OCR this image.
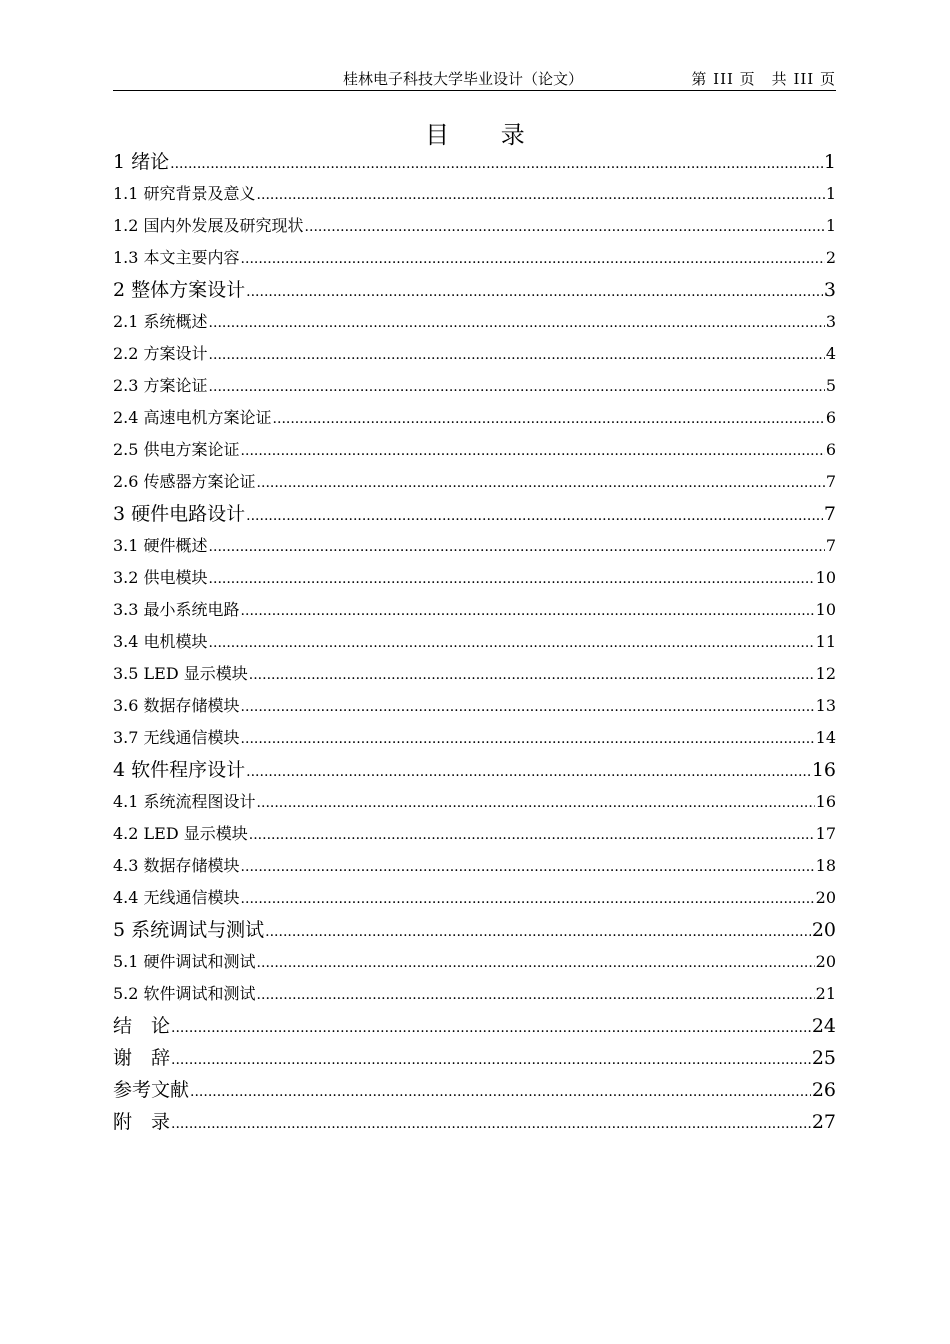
桂林电子科技大学毕业设计（论文）	第 III 页　共 III 页
目 录
1 绪论 .....	1
1.1 研究背景及意义 .....	1
1.2 国内外发展及研究现状 .....	1
1.3 本文主要内容 .....	2
2 整体方案设计 .....	3
2.1 系统概述 .....	3
2.2 方案设计 .....	4
2.3 方案论证 .....	5
2.4 高速电机方案论证 .....	6
2.5 供电方案论证 .....	6
2.6 传感器方案论证 .....	7
3 硬件电路设计 .....	7
3.1 硬件概述 .....	7
3.2 供电模块 .....	10
3.3 最小系统电路 .....	10
3.4 电机模块 .....	11
3.5 LED 显示模块 .....	12
3.6 数据存储模块 .....	13
3.7 无线通信模块 .....	14
4 软件程序设计 .....	16
4.1 系统流程图设计 .....	16
4.2 LED 显示模块 .....	17
4.3 数据存储模块 .....	18
4.4 无线通信模块 .....	20
5 系统调试与测试 .....	20
5.1 硬件调试和测试 .....	20
5.2 软件调试和测试 .....	21
结　论 .....	24
谢　辞 .....	25
参考文献 .....	26
附　录 .....	27
